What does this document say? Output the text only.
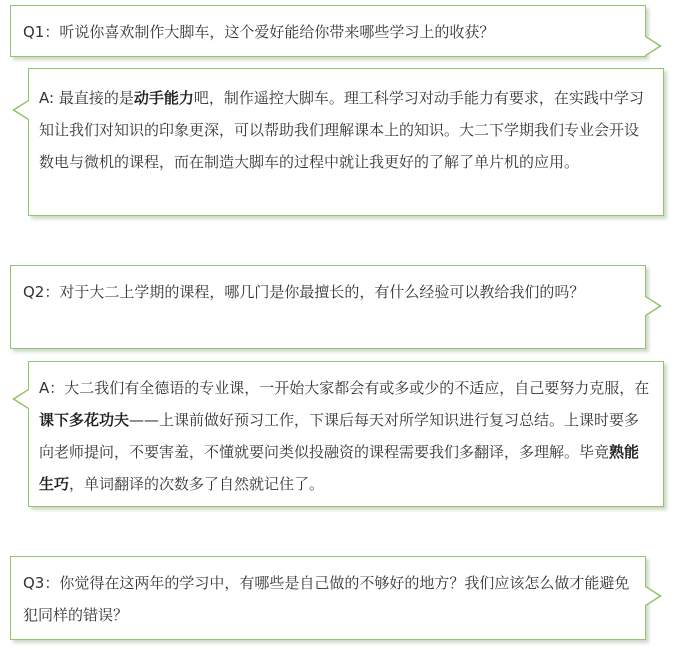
Q1：听说你喜欢制作大脚车，这个爱好能给你带来哪些学习上的收获？

A: 最直接的是动手能力吧，制作遥控大脚车。理工科学习对动手能力有要求，在实践中学习知让我们对知识的印象更深，可以帮助我们理解课本上的知识。大二下学期我们专业会开设数电与微机的课程，而在制造大脚车的过程中就让我更好的了解了单片机的应用。

Q2：对于大二上学期的课程，哪几门是你最擅长的，有什么经验可以教给我们的吗？

A：大二我们有全德语的专业课，一开始大家都会有或多或少的不适应，自己要努力克服，在课下多花功夫——上课前做好预习工作，下课后每天对所学知识进行复习总结。上课时要多向老师提问，不要害羞，不懂就要问类似投融资的课程需要我们多翻译，多理解。毕竟熟能生巧，单词翻译的次数多了自然就记住了。

Q3：你觉得在这两年的学习中，有哪些是自己做的不够好的地方？我们应该怎么做才能避免犯同样的错误？
